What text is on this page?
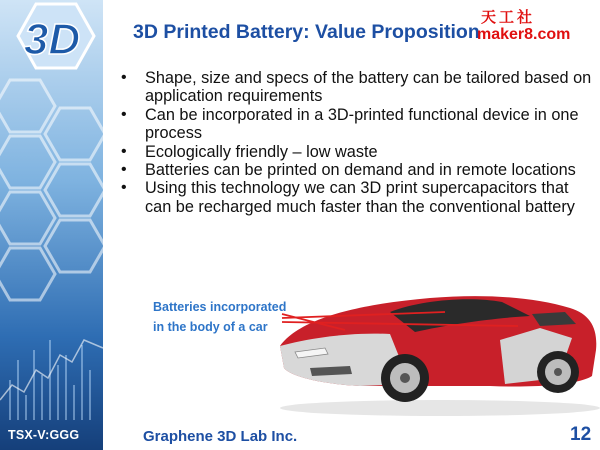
3D
TSX-V:GGG
3D Printed Battery: Value Proposition
天工社
maker8.com
• Shape, size and specs of the battery can be tailored based on application requirements
• Can be incorporated in a 3D-printed functional device in one process
• Ecologically friendly – low waste
• Batteries can be printed on demand and in remote locations
• Using this technology we can 3D print supercapacitors that can be recharged much faster than the conventional battery
Batteries incorporated in the body of a car
Graphene 3D Lab Inc.	12
